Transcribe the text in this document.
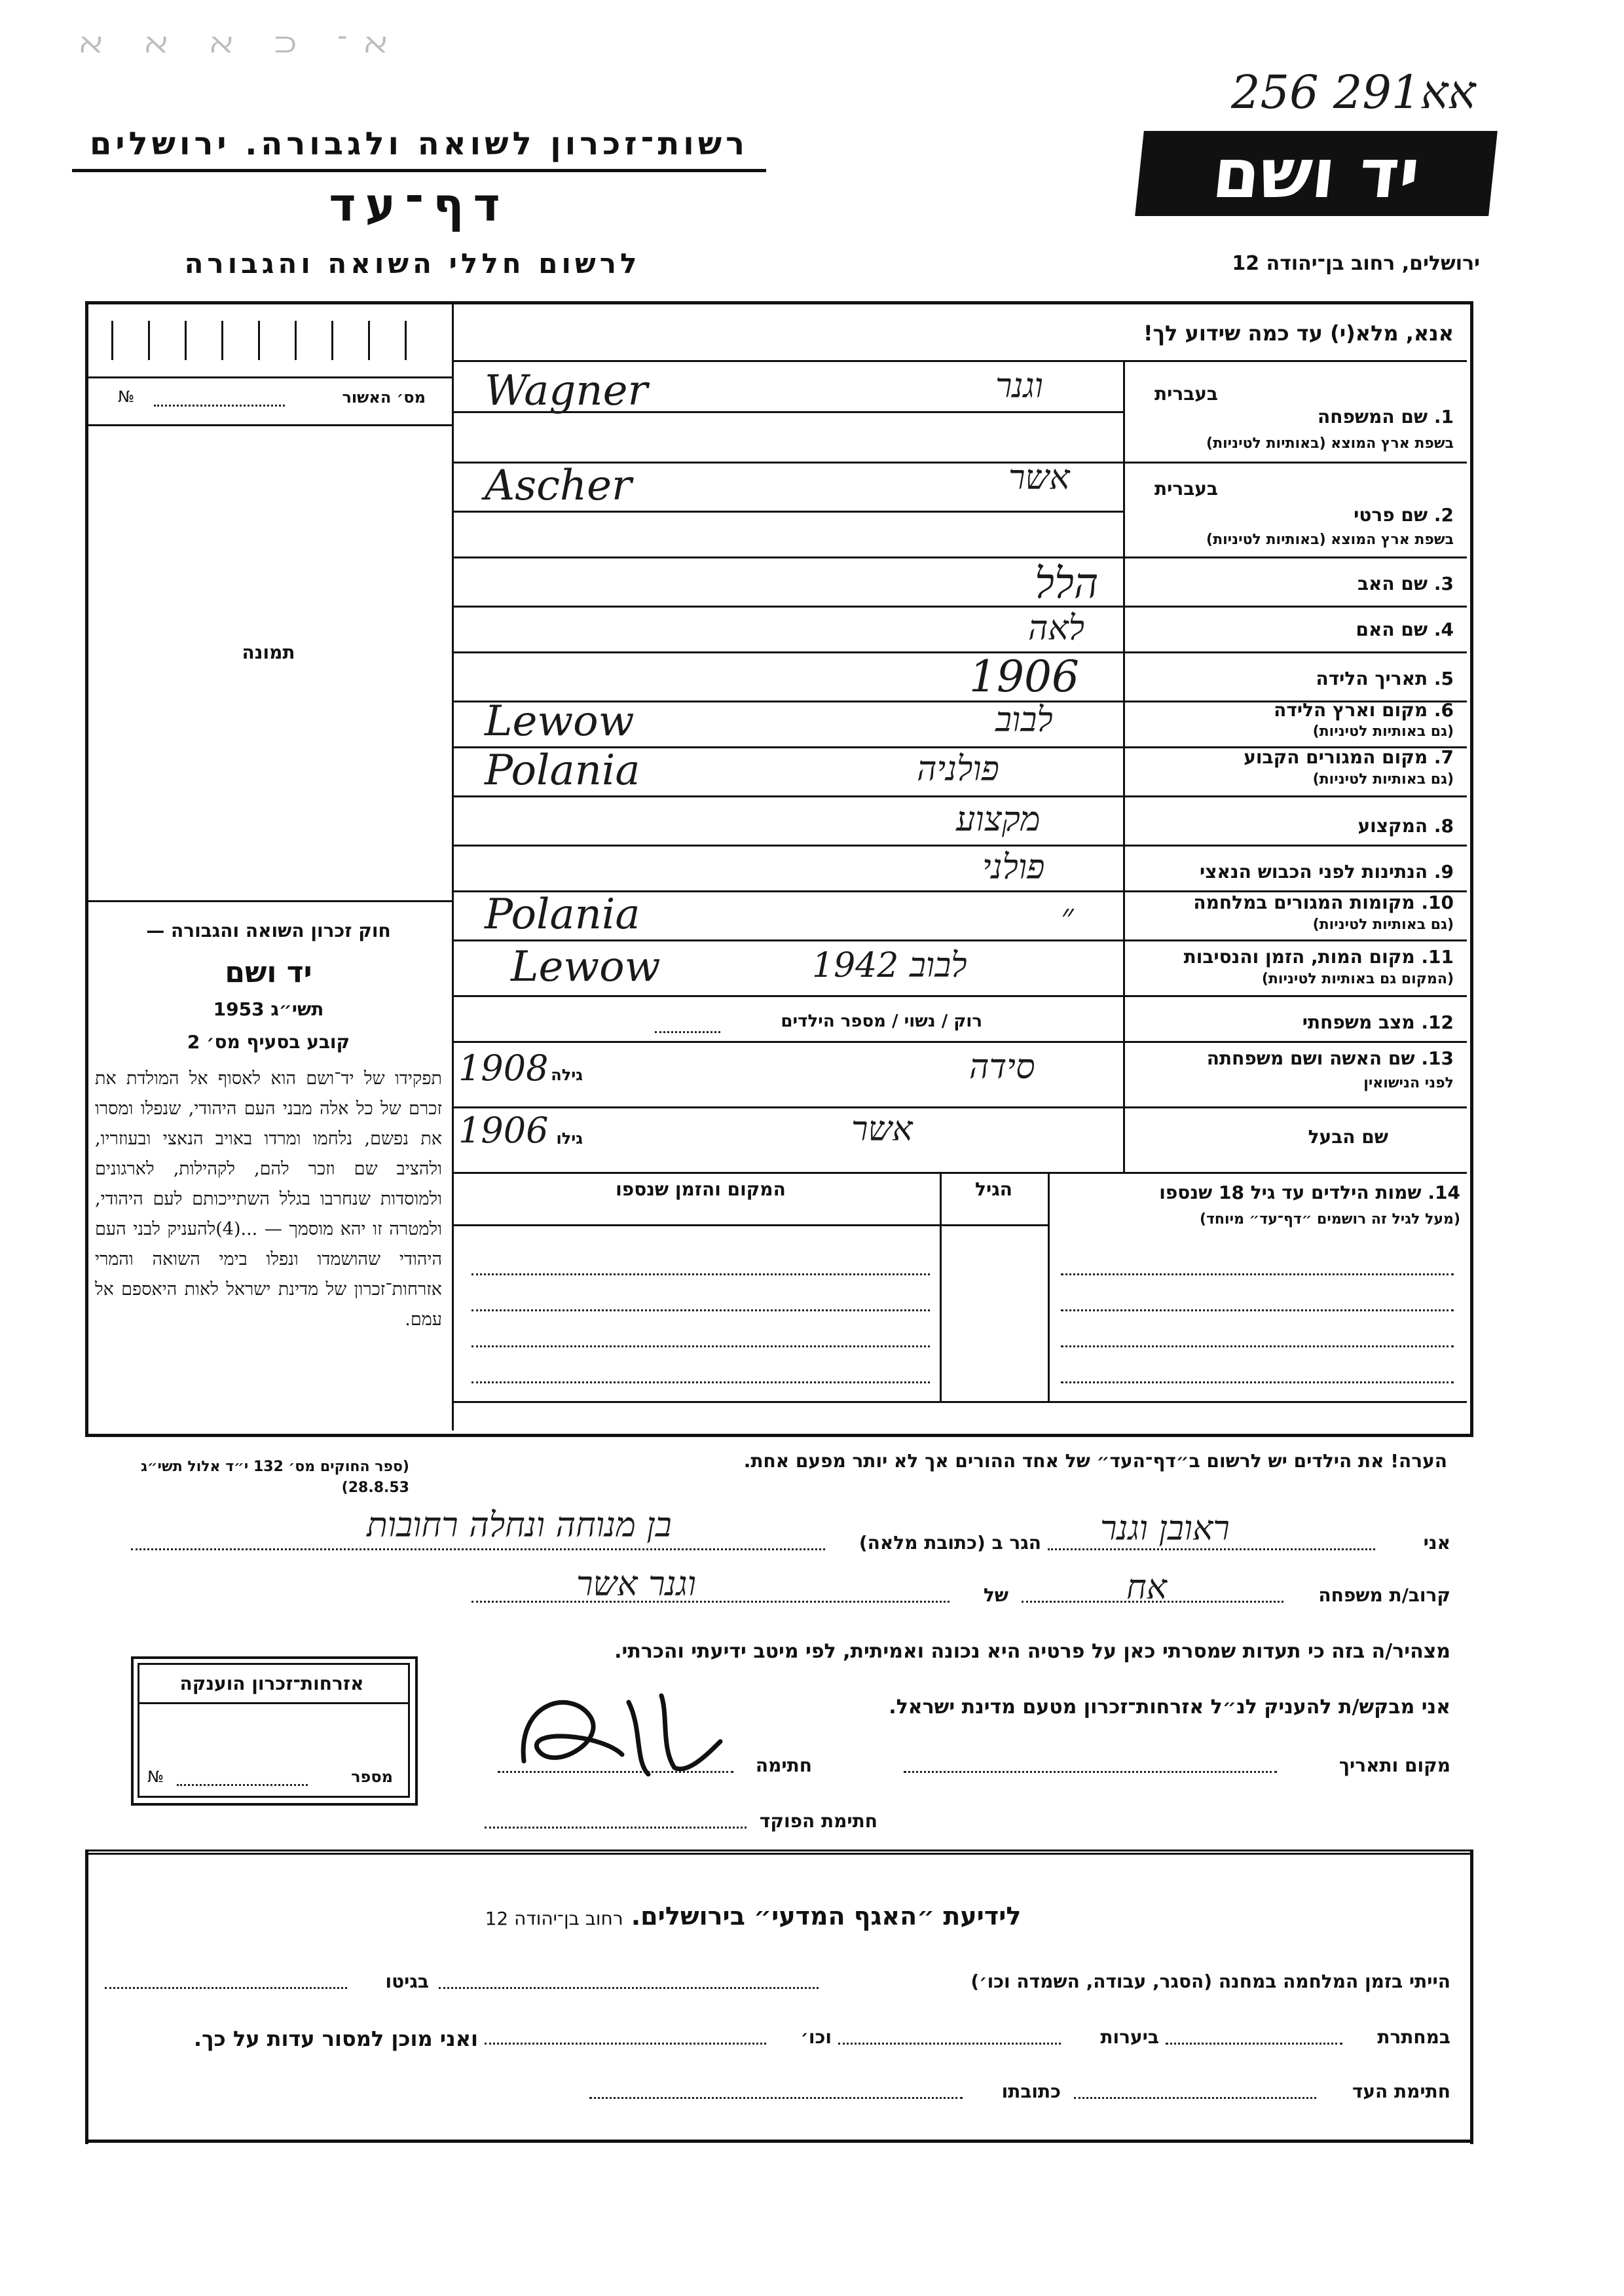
ﬡ־ ﬤ ﬡ ﬡ ﬡ
256 ﬡﬡ291
רשות־זכרון לשואה ולגבורה. ירושלים
דף־עד
לרשום חללי השואה והגבורה
יד ושם
ירושלים, רחוב בן־יהודה 12
מס׳ האשור
№
תמונה
אנא, מלא(י) עד כמה שידוע לך!
בעברית
1. שם המשפחה
בשפת ארץ המוצא (באותיות לטיניות)
וגנר
Wagner
בעברית
2. שם פרטי
בשפת ארץ המוצא (באותיות לטיניות)
אשר
Ascher
3. שם האב
הלל
4. שם האם
לאה
5. תאריך הלידה
1906
6. מקום וארץ הלידה
(גם באותיות לטיניות)
לבוב
Lewow
7. מקום המגורים הקבוע
(גם באותיות לטיניות)
פולניה
Polania
8. המקצוע
מקצוע
9. הנתינות לפני הכבוש הנאצי
פולני
10. מקומות המגורים במלחמה
(גם באותיות לטיניות)
״
Polania
11. מקום המות, הזמן והנסיבות
(המקום גם באותיות לטיניות)
לבוב 1942
Lewow
12. מצב משפחתי
רוק / נשוי / מספר הילדים
13. שם האשה ושם משפחתה
לפני הנישואין
סידה
גילה
1908
שם הבעל
אשר
גילו
1906
14. שמות הילדים עד גיל 18 שנספו
(מעל לגיל זה רושמים ״דף־עד״ מיוחד)
הגיל
המקום והזמן שנספו
הערה! את הילדים יש לרשום ב״דף־העד״ של אחד ההורים אך לא יותר מפעם אחת.
חוק זכרון השואה והגבורה —
יד ושם
תשי״ג 1953
קובע בסעיף מס׳ 2
תפקידו של יד־ושם הוא לאסוף אל המולדת את זכרם של כל אלה מבני העם היהודי, שנפלו ומסרו את נפשם, נלחמו ומרדו באויב הנאצי ובעוזריו, ולהציב שם וזכר להם, לקהילות, לארגונים ולמוסדות שנחרבו בגלל השתייכותם לעם היהודי, ולמטרה זו יהא מוסמך — ...(4)להעניק לבני העם היהודי שהושמדו ונפלו בימי השואה והמרי אזרחות־זכרון של מדינת ישראל לאות היאספם אל עמם.
(ספר החוקים מס׳ 132 י״ד אלול תשי״ג 28.8.53)
אני
ראובן וגנר
הגר ב (כתובת מלאה)
בן מנוחה ונחלה רחובות
קרוב/ת משפחה
אח
של
וגנר אשר
מצהיר/ה בזה כי תעדות שמסרתי כאן על פרטיה היא נכונה ואמיתית, לפי מיטב ידיעתי והכרתי.
אני מבקש/ת להעניק לנ״ל אזרחות־זכרון מטעם מדינת ישראל.
מקום ותאריך
חתימה
חתימת הפוקד
אזרחות־זכרון הוענקה
מספר
№
לידיעת ״האגף המדעי״ בירושלים. רחוב בן־יהודה 12
הייתי בזמן המלחמה במחנה (הסגר, עבודה, השמדה וכו׳)
בגיטו
במחתרת
ביערות
וכו׳
ואני מוכן למסור עדות על כך.
חתימת העד
כתובתו
